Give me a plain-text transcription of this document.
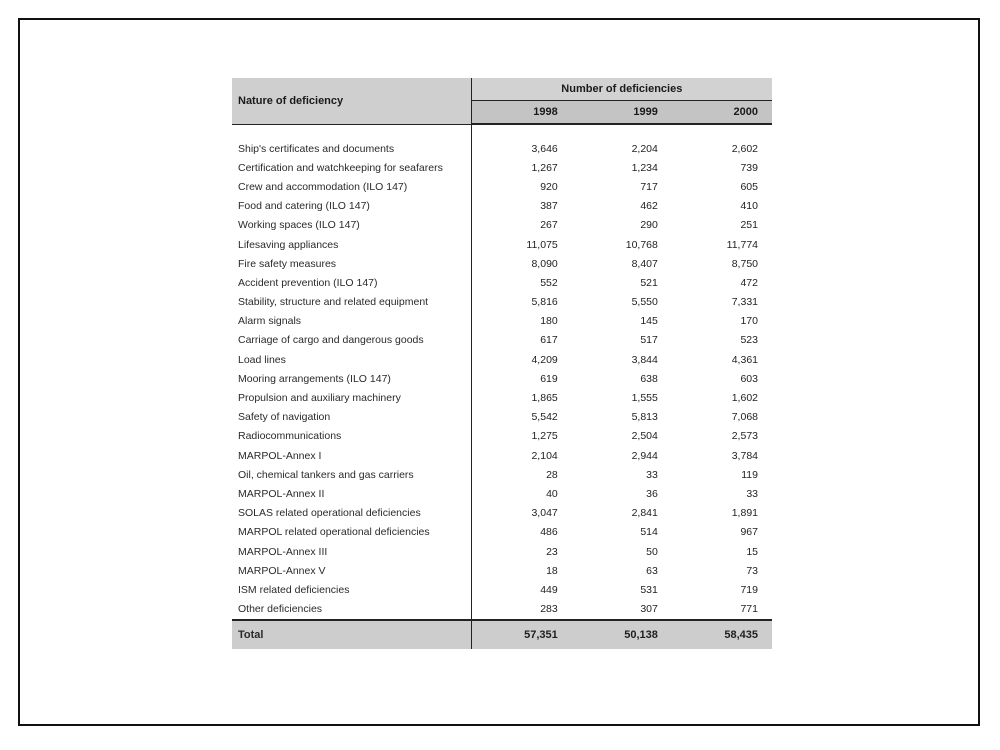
Nature of deficiency	Number of deficiencies		
	1998	1999	2000

Ship's certificates and documents	3,646	2,204	2,602
Certification and watchkeeping for seafarers	1,267	1,234	739
Crew and accommodation (ILO 147)	920	717	605
Food and catering (ILO 147)	387	462	410
Working spaces (ILO 147)	267	290	251
Lifesaving appliances	11,075	10,768	11,774
Fire safety measures	8,090	8,407	8,750
Accident prevention (ILO 147)	552	521	472
Stability, structure and related equipment	5,816	5,550	7,331
Alarm signals	180	145	170
Carriage of cargo and dangerous goods	617	517	523
Load lines	4,209	3,844	4,361
Mooring arrangements (ILO 147)	619	638	603
Propulsion and auxiliary machinery	1,865	1,555	1,602
Safety of navigation	5,542	5,813	7,068
Radiocommunications	1,275	2,504	2,573
MARPOL-Annex I	2,104	2,944	3,784
Oil, chemical tankers and gas carriers	28	33	119
MARPOL-Annex II	40	36	33
SOLAS related operational deficiencies	3,047	2,841	1,891
MARPOL related operational deficiencies	486	514	967
MARPOL-Annex III	23	50	15
MARPOL-Annex V	18	63	73
ISM related deficiencies	449	531	719
Other deficiencies	283	307	771
Total	57,351	50,138	58,435
